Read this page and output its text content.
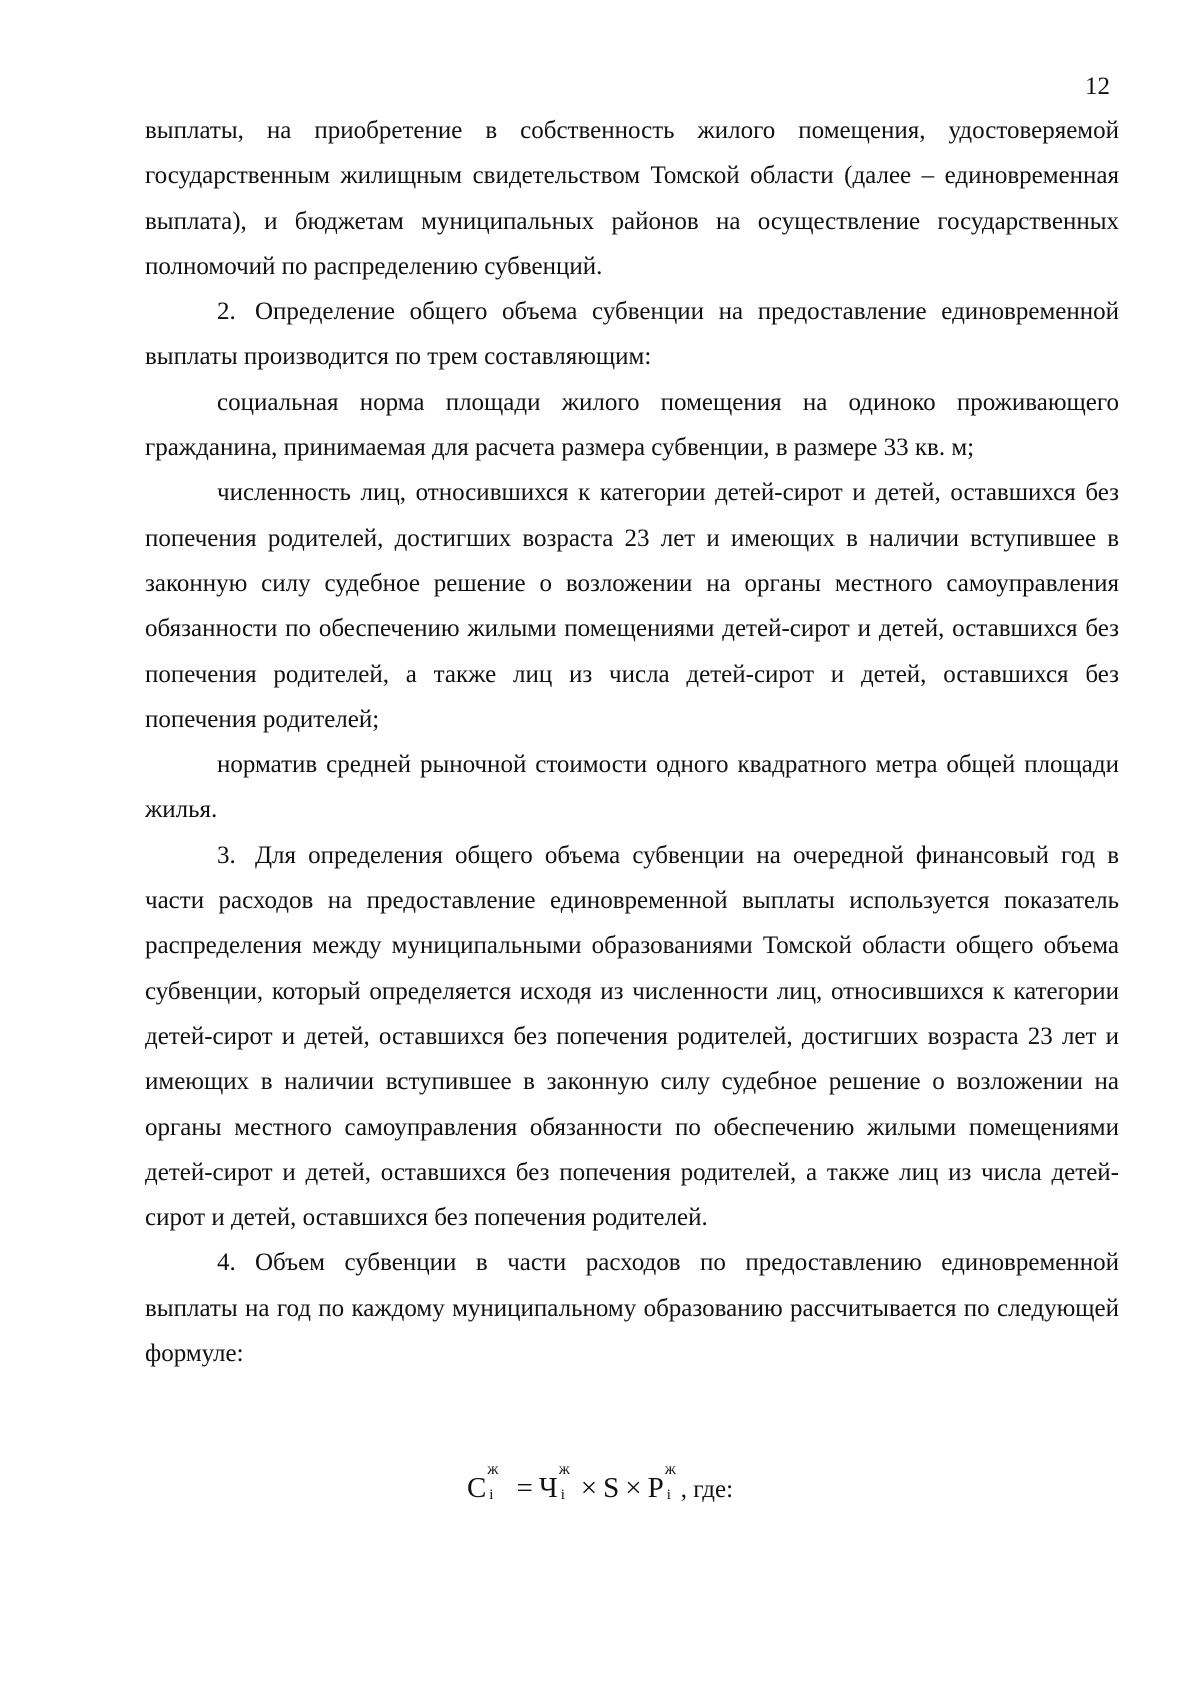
12

выплаты, на приобретение в собственность жилого помещения, удостоверяемой государственным жилищным свидетельством Томской области (далее – единовременная выплата), и бюджетам муниципальных районов на осуществление государственных полномочий по распределению субвенций.

2. Определение общего объема субвенции на предоставление единовременной выплаты производится по трем составляющим:

социальная норма площади жилого помещения на одиноко проживающего гражданина, принимаемая для расчета размера субвенции, в размере 33 кв. м;

численность лиц, относившихся к категории детей-сирот и детей, оставшихся без попечения родителей, достигших возраста 23 лет и имеющих в наличии вступившее в законную силу судебное решение о возложении на органы местного самоуправления обязанности по обеспечению жилыми помещениями детей-сирот и детей, оставшихся без попечения родителей, а также лиц из числа детей-сирот и детей, оставшихся без попечения родителей;

норматив средней рыночной стоимости одного квадратного метра общей площади жилья.

3. Для определения общего объема субвенции на очередной финансовый год в части расходов на предоставление единовременной выплаты используется показатель распределения между муниципальными образованиями Томской области общего объема субвенции, который определяется исходя из численности лиц, относившихся к категории детей-сирот и детей, оставшихся без попечения родителей, достигших возраста 23 лет и имеющих в наличии вступившее в законную силу судебное решение о возложении на органы местного самоуправления обязанности по обеспечению жилыми помещениями детей-сирот и детей, оставшихся без попечения родителей, а также лиц из числа детей-сирот и детей, оставшихся без попечения родителей.

4. Объем субвенции в части расходов по предоставлению единовременной выплаты на год по каждому муниципальному образованию рассчитывается по следующей формуле:

C
ж
i = Ч
ж
i × S × P
ж
i , где:
